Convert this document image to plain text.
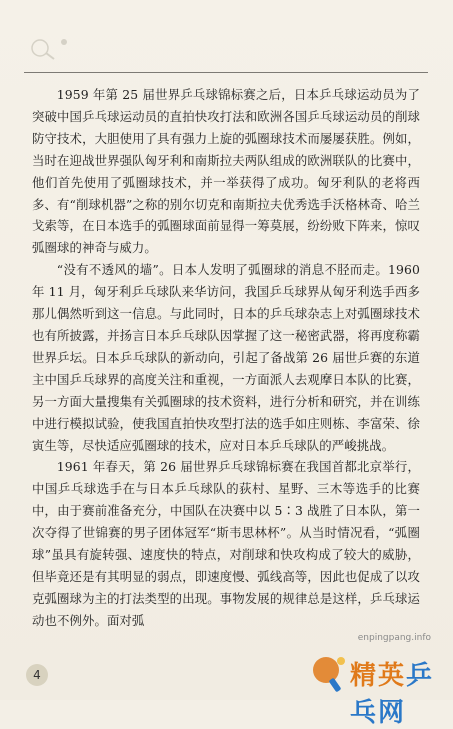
1959 年第 25 届世界乒乓球锦标赛之后，日本乒乓球运动员为了突破中国乒乓球运动员的直拍快攻打法和欧洲各国乒乓球运动员的削球防守技术，大胆使用了具有强力上旋的弧圈球技术而屡屡获胜。例如，当时在迎战世界强队匈牙利和南斯拉夫两队组成的欧洲联队的比赛中，他们首先使用了弧圈球技术，并一举获得了成功。匈牙利队的老将西多、有“削球机器”之称的别尔切克和南斯拉夫优秀选手沃格林奇、哈兰戈索等，在日本选手的弧圈球面前显得一筹莫展，纷纷败下阵来，惊叹弧圈球的神奇与威力。

“没有不透风的墙”。日本人发明了弧圈球的消息不胫而走。1960 年 11 月，匈牙利乒乓球队来华访问，我国乒乓球界从匈牙利选手西多那儿偶然听到这一信息。与此同时，日本的乒乓球杂志上对弧圈球技术也有所披露，并扬言日本乒乓球队因掌握了这一秘密武器，将再度称霸世界乒坛。日本乒乓球队的新动向，引起了备战第 26 届世乒赛的东道主中国乒乓球界的高度关注和重视，一方面派人去观摩日本队的比赛，另一方面大量搜集有关弧圈球的技术资料，进行分析和研究，并在训练中进行模拟试验，使我国直拍快攻型打法的选手如庄则栋、李富荣、徐寅生等，尽快适应弧圈球的技术，应对日本乒乓球队的严峻挑战。

1961 年春天，第 26 届世界乒乓球锦标赛在我国首都北京举行，中国乒乓球选手在与日本乒乓球队的荻村、星野、三木等选手的比赛中，由于赛前准备充分，中国队在决赛中以 5∶3 战胜了日本队，第一次夺得了世锦赛的男子团体冠军“斯韦思林杯”。从当时情况看，“弧圈球”虽具有旋转强、速度快的特点，对削球和快攻构成了较大的威胁，但毕竟还是有其明显的弱点，即速度慢、弧线高等，因此也促成了以攻克弧圈球为主的打法类型的出现。事物发展的规律总是这样，乒乓球运动也不例外。面对弧

4
enpingpang.info
精英乒乓网
